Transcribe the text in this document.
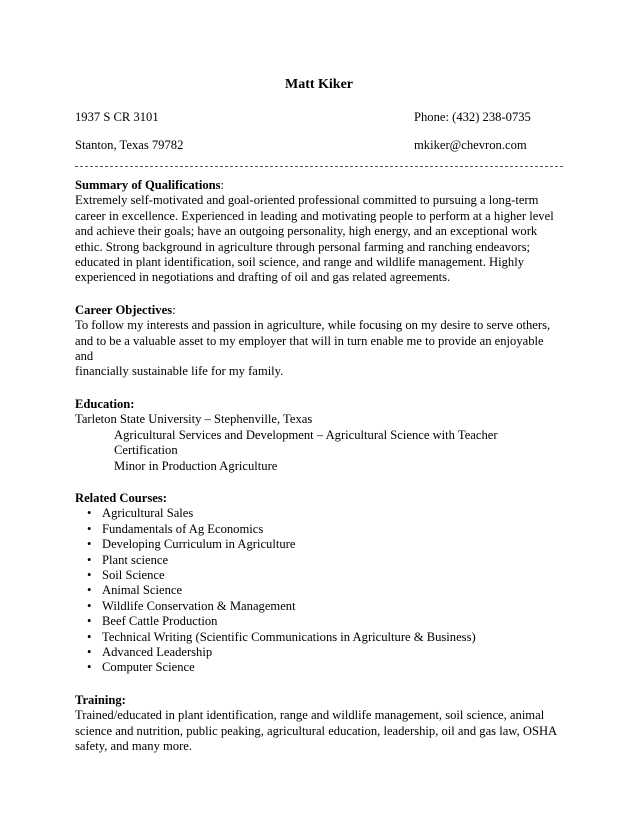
Matt Kiker
1937 S CR 3101	Phone: (432) 238-0735
Stanton, Texas 79782	mkiker@chevron.com

Summary of Qualifications:

Extremely self-motivated and goal-oriented professional committed to pursuing a long-term

career in excellence. Experienced in leading and motivating people to perform at a higher level

and achieve their goals; have an outgoing personality, high energy, and an exceptional work

ethic. Strong background in agriculture through personal farming and ranching endeavors;

educated in plant identification, soil science, and range and wildlife management. Highly

experienced in negotiations and drafting of oil and gas related agreements.

Career Objectives:

To follow my interests and passion in agriculture, while focusing on my desire to serve others,

and to be a valuable asset to my employer that will in turn enable me to provide an enjoyable and

financially sustainable life for my family.

Education:

Tarleton State University – Stephenville, Texas

Agricultural Services and Development – Agricultural Science with Teacher Certification

Minor in Production Agriculture

Related Courses:

• Agricultural Sales
• Fundamentals of Ag Economics
• Developing Curriculum in Agriculture
• Plant science
• Soil Science
• Animal Science
• Wildlife Conservation & Management
• Beef Cattle Production
• Technical Writing (Scientific Communications in Agriculture & Business)
• Advanced Leadership
• Computer Science

Training:

Trained/educated in plant identification, range and wildlife management, soil science, animal

science and nutrition, public peaking, agricultural education, leadership, oil and gas law, OSHA

safety, and many more.
